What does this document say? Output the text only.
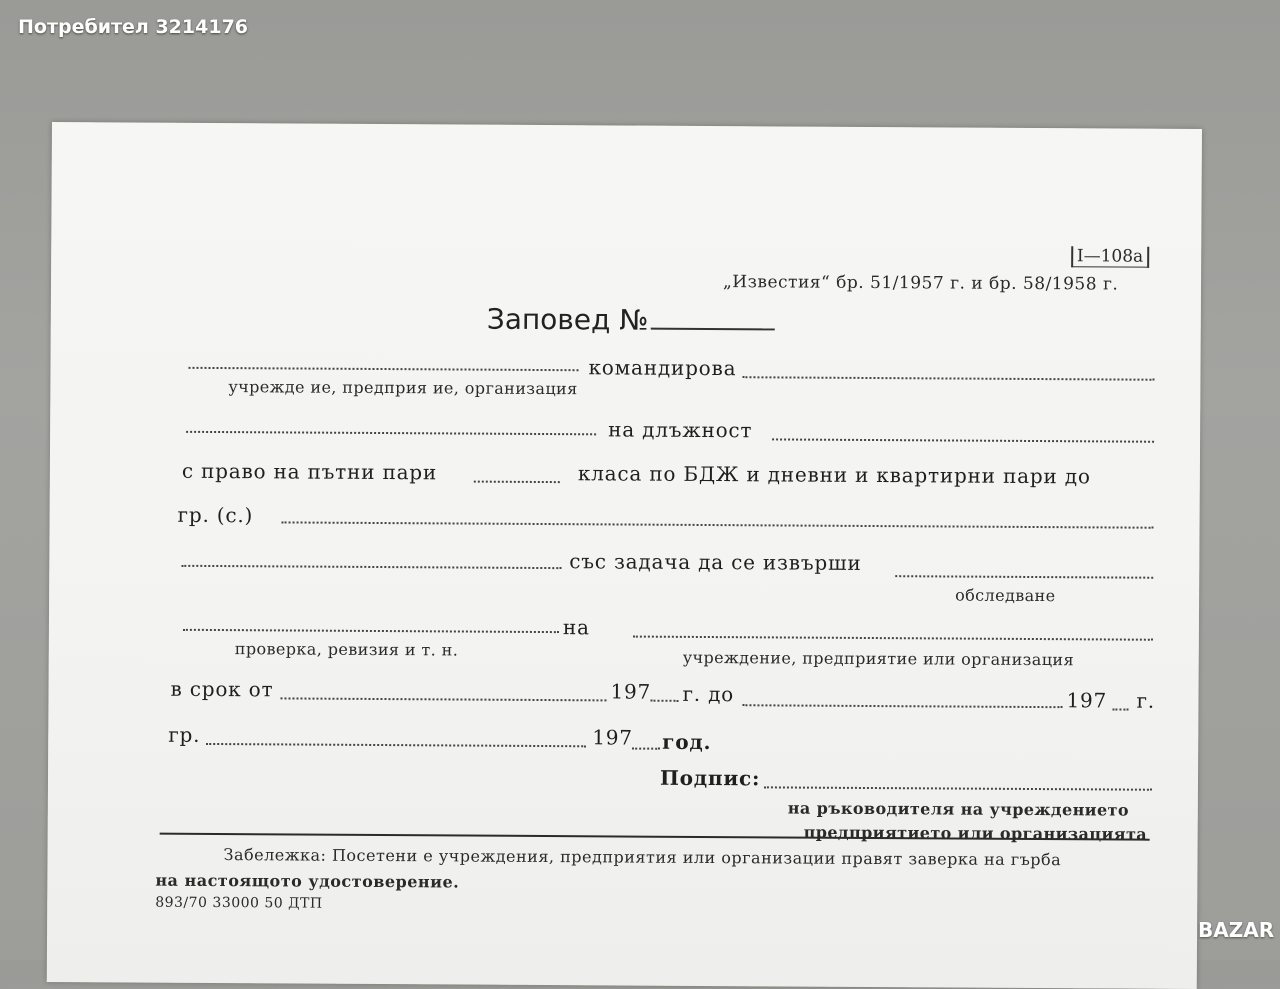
Потребител 3214176
I—108a
„Известия“ бр. 51/1957 г. и бр. 58/1958 г.
Заповед №
командирова
учрежде ие, предприя ие, организация
на длъжност
с право на пътни пари	класа по БДЖ и дневни и квартирни пари до
гр. (с.)
със задача да се извърши
обследване
на
проверка, ревизия и т. н.	учреждение, предприятие или организация
в срок от	197 г. до	197 г.
гр.	197 год.
Подпис:
на ръководителя на учреждението
предприятието или организацията
Забележка: Посетени е учреждения, предприятия или организации правят заверка на гърба
на настоящото удостоверение.
893/70 33000 50 ДТП
BAZAR
